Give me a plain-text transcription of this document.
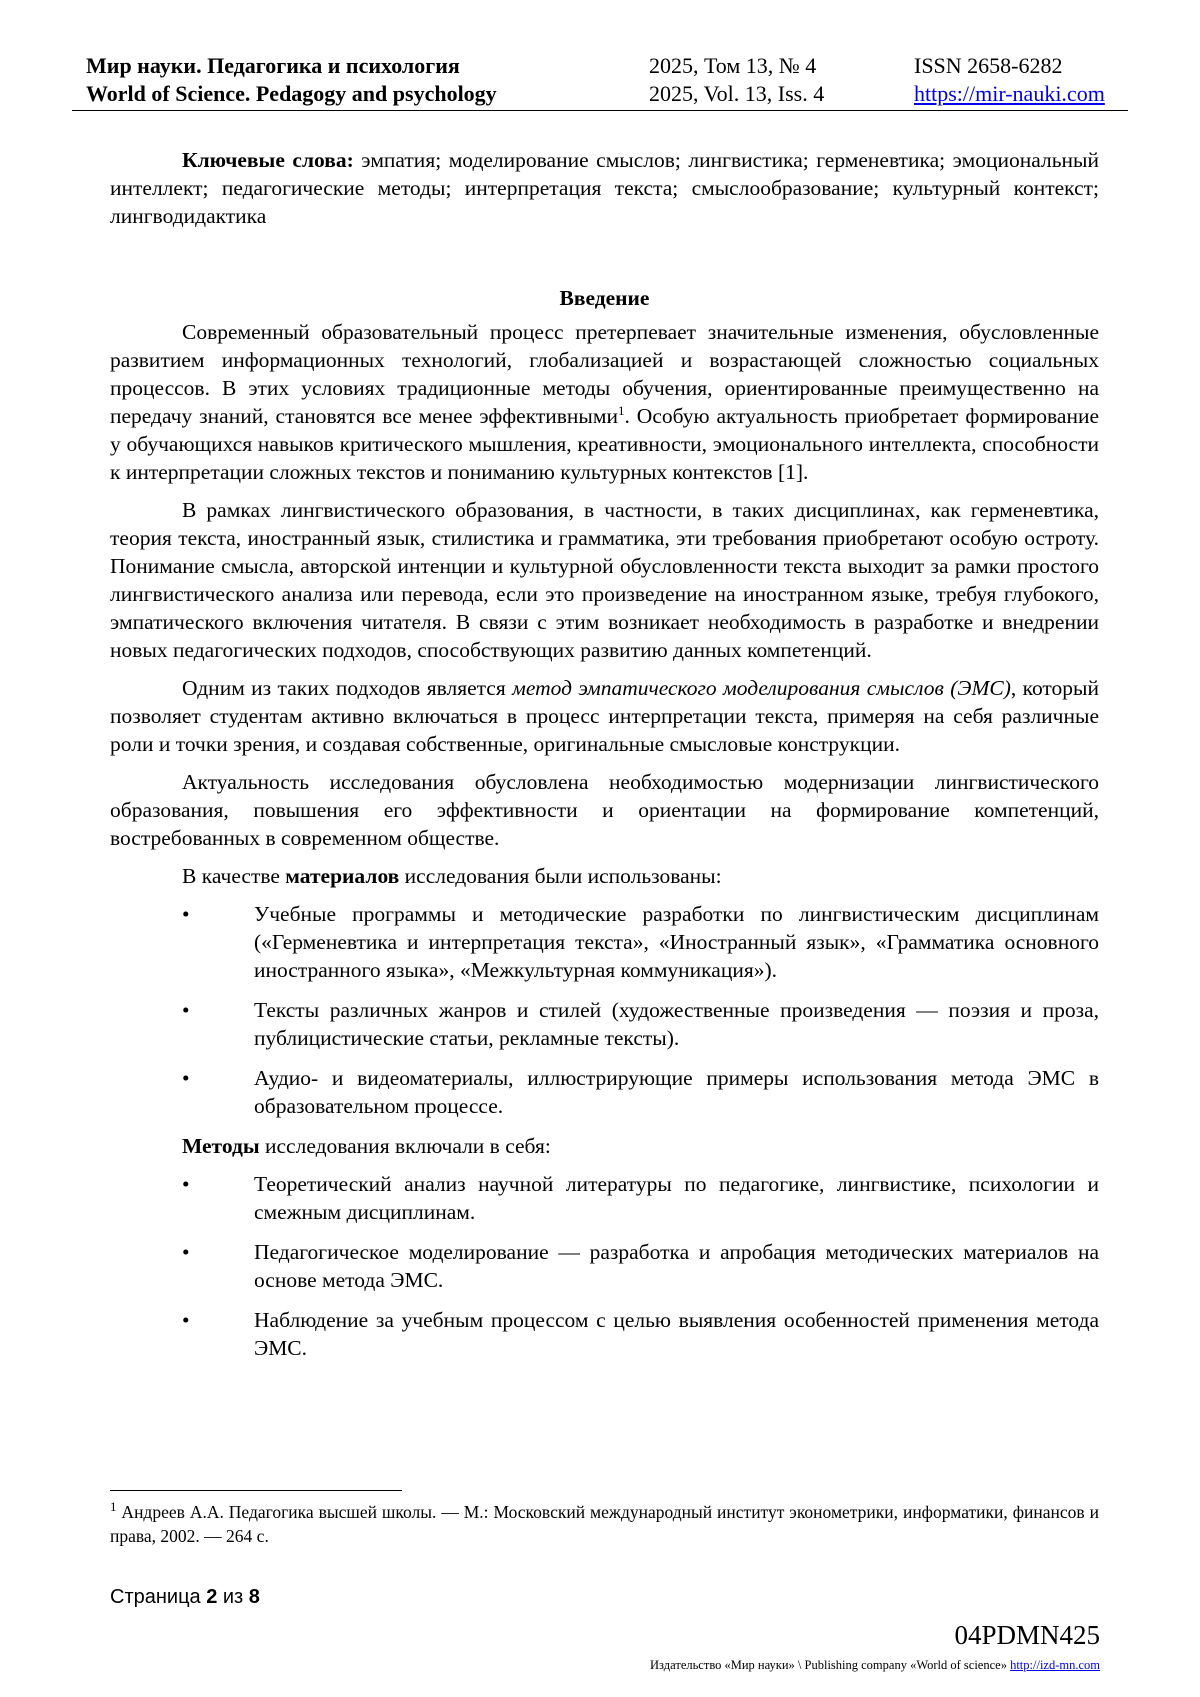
Мир науки. Педагогика и психология
World of Science. Pedagogy and psychology
2025, Том 13, № 4
2025, Vol. 13, Iss. 4
ISSN 2658-6282
https://mir-nauki.com

Ключевые слова: эмпатия; моделирование смыслов; лингвистика; герменевтика; эмоциональный интеллект; педагогические методы; интерпретация текста; смыслообразование; культурный контекст; лингводидактика

Введение

Современный образовательный процесс претерпевает значительные изменения, обусловленные развитием информационных технологий, глобализацией и возрастающей сложностью социальных процессов. В этих условиях традиционные методы обучения, ориентированные преимущественно на передачу знаний, становятся все менее эффективными$^1$. Особую актуальность приобретает формирование у обучающихся навыков критического мышления, креативности, эмоционального интеллекта, способности к интерпретации сложных текстов и пониманию культурных контекстов [1].

В рамках лингвистического образования, в частности, в таких дисциплинах, как герменевтика, теория текста, иностранный язык, стилистика и грамматика, эти требования приобретают особую остроту. Понимание смысла, авторской интенции и культурной обусловленности текста выходит за рамки простого лингвистического анализа или перевода, если это произведение на иностранном языке, требуя глубокого, эмпатического включения читателя. В связи с этим возникает необходимость в разработке и внедрении новых педагогических подходов, способствующих развитию данных компетенций.

Одним из таких подходов является метод эмпатического моделирования смыслов (ЭМС), который позволяет студентам активно включаться в процесс интерпретации текста, примеряя на себя различные роли и точки зрения, и создавая собственные, оригинальные смысловые конструкции.

Актуальность исследования обусловлена необходимостью модернизации лингвистического образования, повышения его эффективности и ориентации на формирование компетенций, востребованных в современном обществе.

В качестве материалов исследования были использованы:

•	Учебные программы и методические разработки по лингвистическим дисциплинам («Герменевтика и интерпретация текста», «Иностранный язык», «Грамматика основного иностранного языка», «Межкультурная коммуникация»).
•	Тексты различных жанров и стилей (художественные произведения — поэзия и проза, публицистические статьи, рекламные тексты).
•	Аудио- и видеоматериалы, иллюстрирующие примеры использования метода ЭМС в образовательном процессе.

Методы исследования включали в себя:

•	Теоретический анализ научной литературы по педагогике, лингвистике, психологии и смежным дисциплинам.
•	Педагогическое моделирование — разработка и апробация методических материалов на основе метода ЭМС.
•	Наблюдение за учебным процессом с целью выявления особенностей применения метода ЭМС.
$^1$ Андреев А.А. Педагогика высшей школы. — М.: Московский международный институт эконометрики, информатики, финансов и права, 2002. — 264 с.
Страница 2 из 8
04PDMN425
Издательство «Мир науки» \ Publishing company «World of science» http://izd-mn.com
